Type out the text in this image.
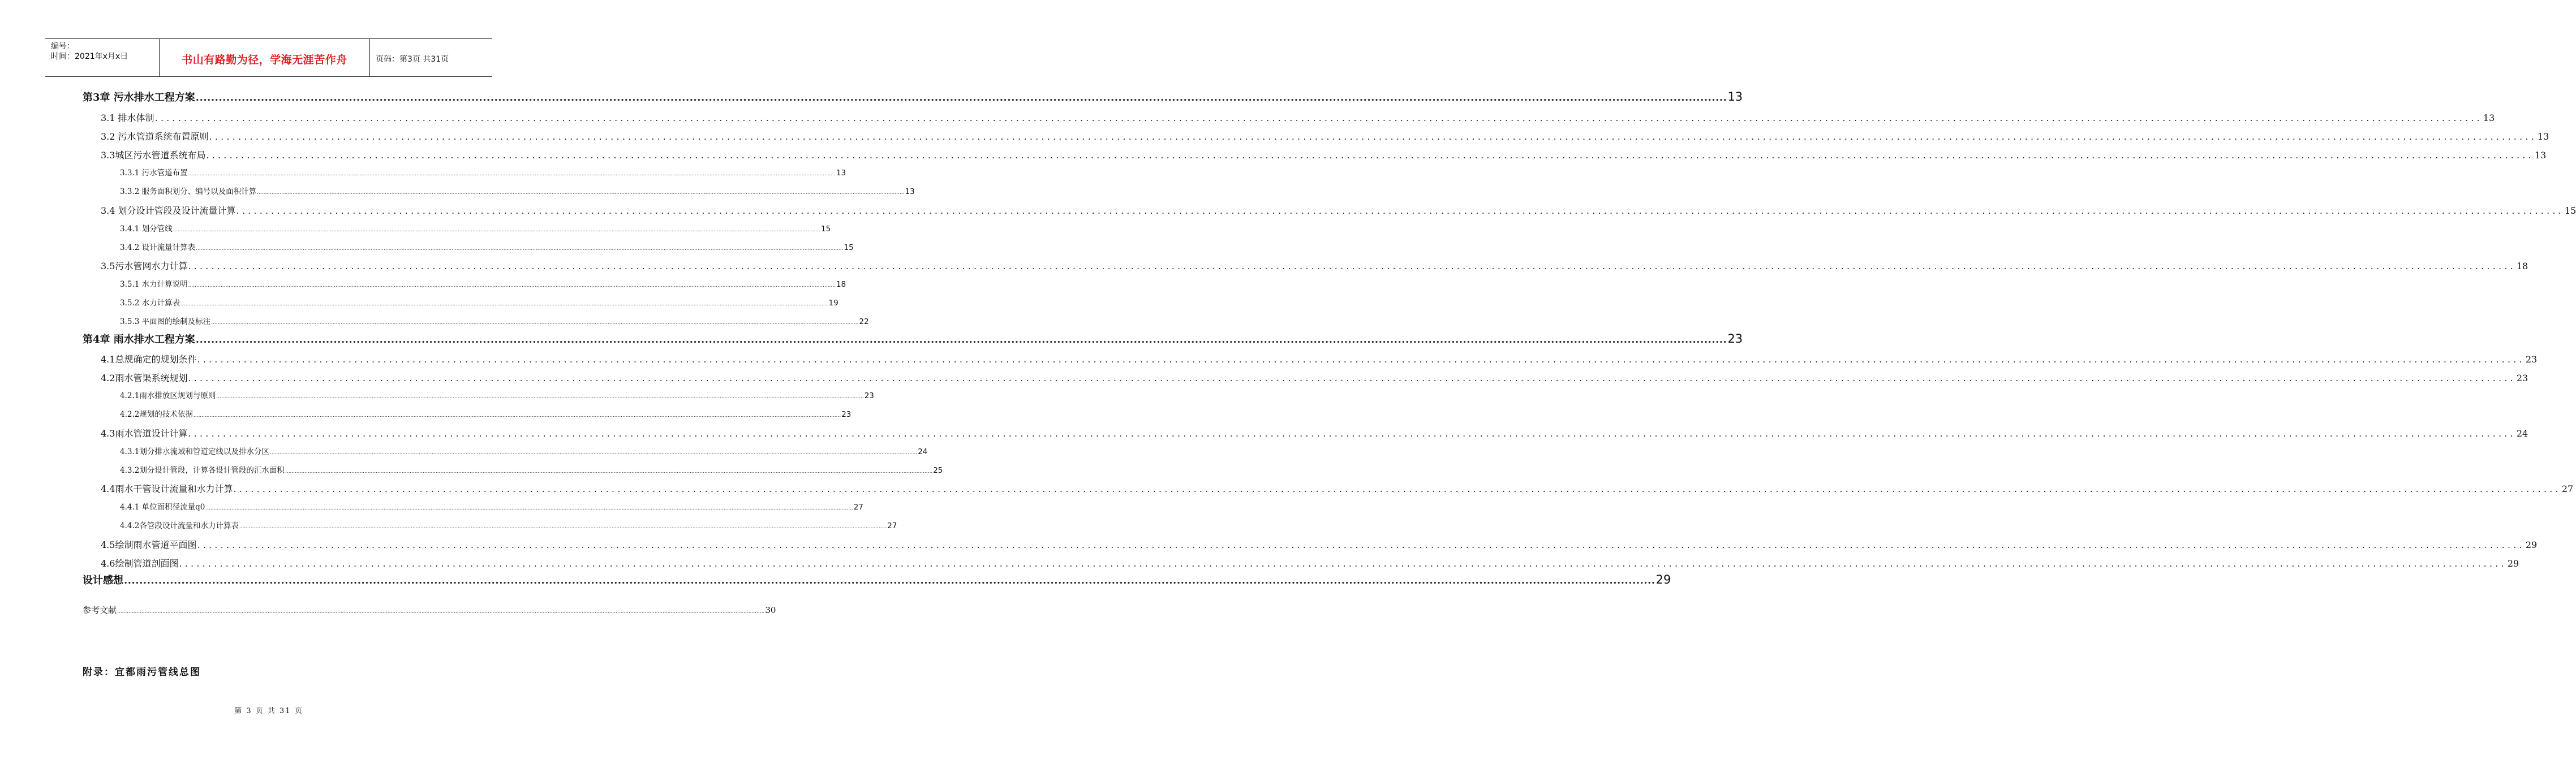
编号：
时间：2021年x月x日	书山有路勤为径，学海无涯苦作舟	页码：第3页 共31页
第3章 污水排水工程方案 ................................................................................................................................................................................................................................................................................................................................................................................................................ 13
3.1 排水体制 ................................................................................................................................................................................................................................................................................................................................................................................................................ 13
3.2 污水管道系统布置原则 ................................................................................................................................................................................................................................................................................................................................................................................................................ 13
3.3城区污水管道系统布局 ................................................................................................................................................................................................................................................................................................................................................................................................................ 13
3.3.1 污水管道布置 ................................................................................................................................................................................................................................................................................................................................................................................................................ 13
3.3.2 服务面积划分、编号以及面积计算 ................................................................................................................................................................................................................................................................................................................................................................................................................ 13
3.4 划分设计管段及设计流量计算 ................................................................................................................................................................................................................................................................................................................................................................................................................ 15
3.4.1 划分管线 ................................................................................................................................................................................................................................................................................................................................................................................................................ 15
3.4.2 设计流量计算表 ................................................................................................................................................................................................................................................................................................................................................................................................................ 15
3.5污水管网水力计算 ................................................................................................................................................................................................................................................................................................................................................................................................................ 18
3.5.1 水力计算说明 ................................................................................................................................................................................................................................................................................................................................................................................................................ 18
3.5.2 水力计算表 ................................................................................................................................................................................................................................................................................................................................................................................................................ 19
3.5.3 平面图的绘制及标注 ................................................................................................................................................................................................................................................................................................................................................................................................................ 22
第4章 雨水排水工程方案 ................................................................................................................................................................................................................................................................................................................................................................................................................ 23
4.1总规确定的规划条件 ................................................................................................................................................................................................................................................................................................................................................................................................................ 23
4.2雨水管渠系统规划 ................................................................................................................................................................................................................................................................................................................................................................................................................ 23
4.2.1雨水排放区规划与原则 ................................................................................................................................................................................................................................................................................................................................................................................................................ 23
4.2.2规划的技术依据 ................................................................................................................................................................................................................................................................................................................................................................................................................ 23
4.3雨水管道设计计算 ................................................................................................................................................................................................................................................................................................................................................................................................................ 24
4.3.1划分排水流域和管道定线以及排水分区 ................................................................................................................................................................................................................................................................................................................................................................................................................ 24
4.3.2划分设计管段，计算各设计管段的汇水面积 ................................................................................................................................................................................................................................................................................................................................................................................................................ 25
4.4雨水干管设计流量和水力计算 ................................................................................................................................................................................................................................................................................................................................................................................................................ 27
4.4.1 单位面积径流量q0 ................................................................................................................................................................................................................................................................................................................................................................................................................ 27
4.4.2各管段设计流量和水力计算表 ................................................................................................................................................................................................................................................................................................................................................................................................................ 27
4.5绘制雨水管道平面图 ................................................................................................................................................................................................................................................................................................................................................................................................................ 29
4.6绘制管道剖面图 ................................................................................................................................................................................................................................................................................................................................................................................................................ 29
设计感想 ................................................................................................................................................................................................................................................................................................................................................................................................................ 29
参考文献 ................................................................................................................................................................................................................................................................................................................................................................................................................ 30
附录：宜都雨污管线总图
第 3 页 共 31 页
